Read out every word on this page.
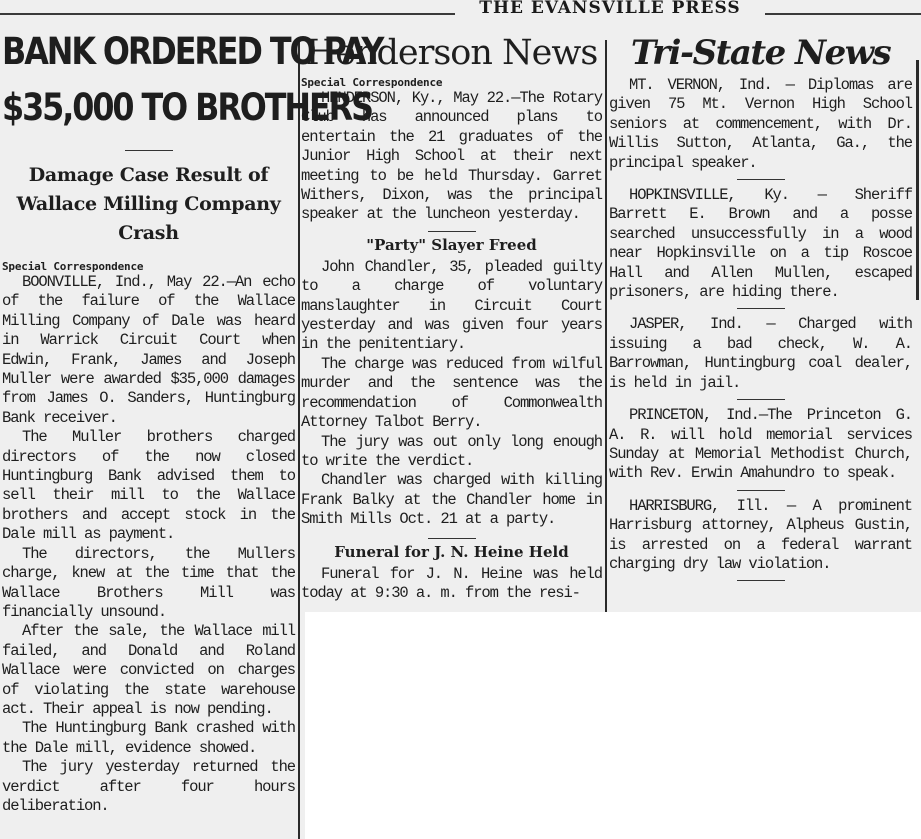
THE EVANSVILLE PRESS
BANK ORDERED TO PAY
$35,000 TO BROTHERS
Damage Case Result of Wallace Milling Company Crash
Special Correspondence

BOONVILLE, Ind., May 22.—An echo of the failure of the Wallace Milling Company of Dale was heard in Warrick Circuit Court when Edwin, Frank, James and Joseph Muller were awarded $35,000 damages from James O. Sanders, Huntingburg Bank receiver.

The Muller brothers charged directors of the now closed Huntingburg Bank advised them to sell their mill to the Wallace brothers and accept stock in the Dale mill as payment.

The directors, the Mullers charge, knew at the time that the Wallace Brothers Mill was financially unsound.

After the sale, the Wallace mill failed, and Donald and Roland Wallace were convicted on charges of violating the state warehouse act. Their appeal is now pending.

The Huntingburg Bank crashed with the Dale mill, evidence showed.

The jury yesterday returned the verdict after four hours deliberation.

Henderson News
Special Correspondence

HENDERSON, Ky., May 22.—The Rotary Club has announced plans to entertain the 21 graduates of the Junior High School at their next meeting to be held Thursday. Garret Withers, Dixon, was the principal speaker at the luncheon yesterday.

"Party" Slayer Freed

John Chandler, 35, pleaded guilty to a charge of voluntary manslaughter in Circuit Court yesterday and was given four years in the penitentiary.

The charge was reduced from wilful murder and the sentence was the recommendation of Commonwealth Attorney Talbot Berry.

The jury was out only long enough to write the verdict.

Chandler was charged with killing Frank Balky at the Chandler home in Smith Mills Oct. 21 at a party.

Funeral for J. N. Heine Held

Funeral for J. N. Heine was held today at 9:30 a. m. from the resi-

Tri-State News

MT. VERNON, Ind. — Diplomas are given 75 Mt. Vernon High School seniors at commencement, with Dr. Willis Sutton, Atlanta, Ga., the principal speaker.

HOPKINSVILLE, Ky. — Sheriff Barrett E. Brown and a posse searched unsuccessfully in a wood near Hopkinsville on a tip Roscoe Hall and Allen Mullen, escaped prisoners, are hiding there.

JASPER, Ind. — Charged with issuing a bad check, W. A. Barrowman, Huntingburg coal dealer, is held in jail.

PRINCETON, Ind.—The Princeton G. A. R. will hold memorial services Sunday at Memorial Methodist Church, with Rev. Erwin Amahundro to speak.

HARRISBURG, Ill. — A prominent Harrisburg attorney, Alpheus Gustin, is arrested on a federal warrant charging dry law violation.
